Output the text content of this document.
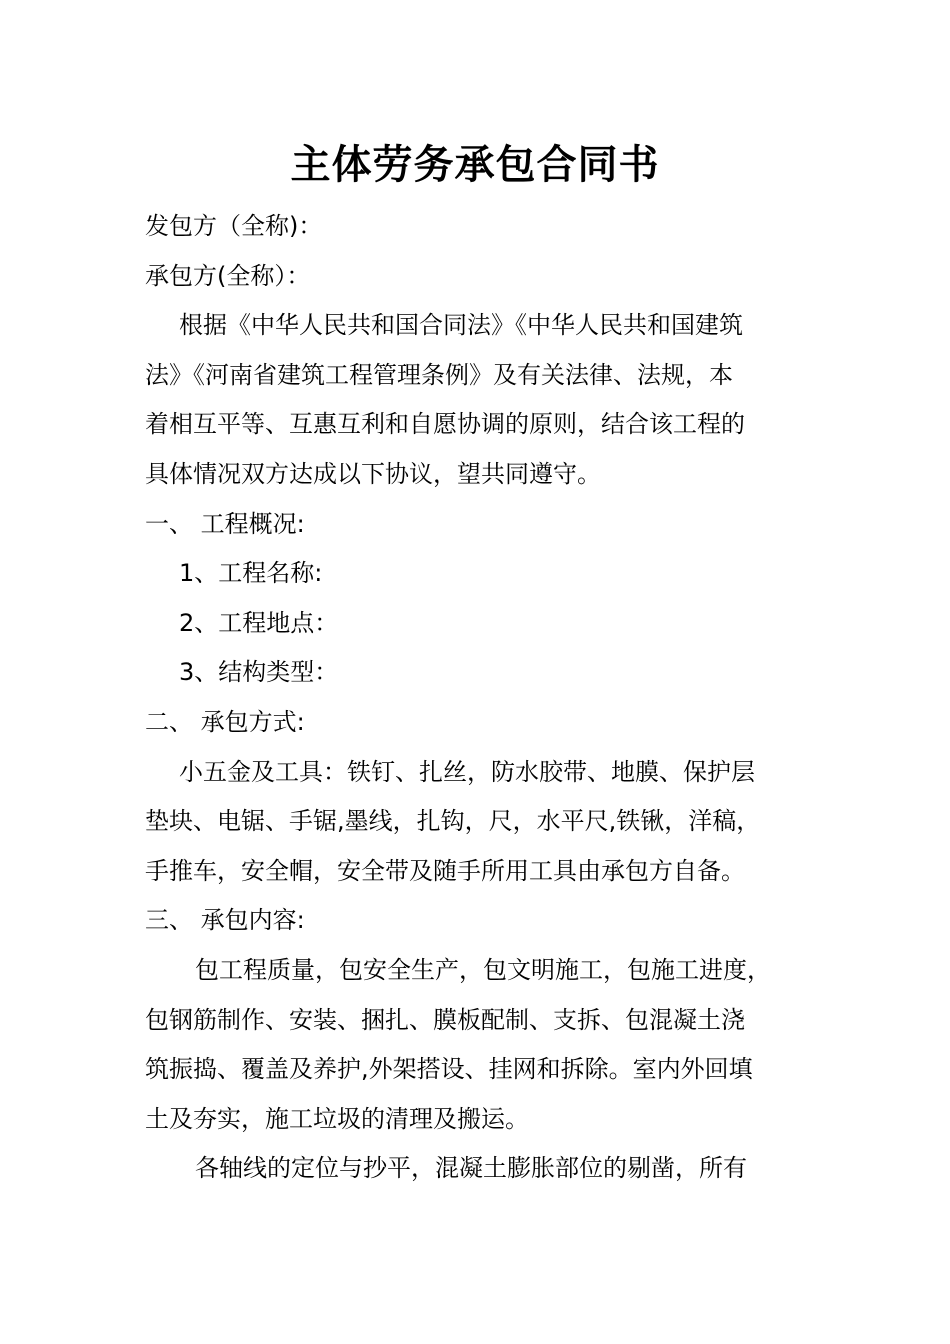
主体劳务承包合同书

发包方（全称)：

承包方(全称）：

根据《中华人民共和国合同法》《中华人民共和国建筑

法》《河南省建筑工程管理条例》及有关法律、法规，本

着相互平等、互惠互利和自愿协调的原则，结合该工程的

具体情况双方达成以下协议，望共同遵守。

一、 工程概况:

1、工程名称:

2、工程地点：

3、结构类型：

二、 承包方式:

小五金及工具：铁钉、扎丝，防水胶带、地膜、保护层

垫块、电锯、手锯,墨线，扎钩，尺，水平尺,铁锹，洋稿，

手推车，安全帽，安全带及随手所用工具由承包方自备。

三、 承包内容:

包工程质量，包安全生产，包文明施工，包施工进度，

包钢筋制作、安装、捆扎、膜板配制、支拆、包混凝土浇

筑振捣、覆盖及养护,外架搭设、挂网和拆除。室内外回填

土及夯实，施工垃圾的清理及搬运。

各轴线的定位与抄平，混凝土膨胀部位的剔凿，所有
